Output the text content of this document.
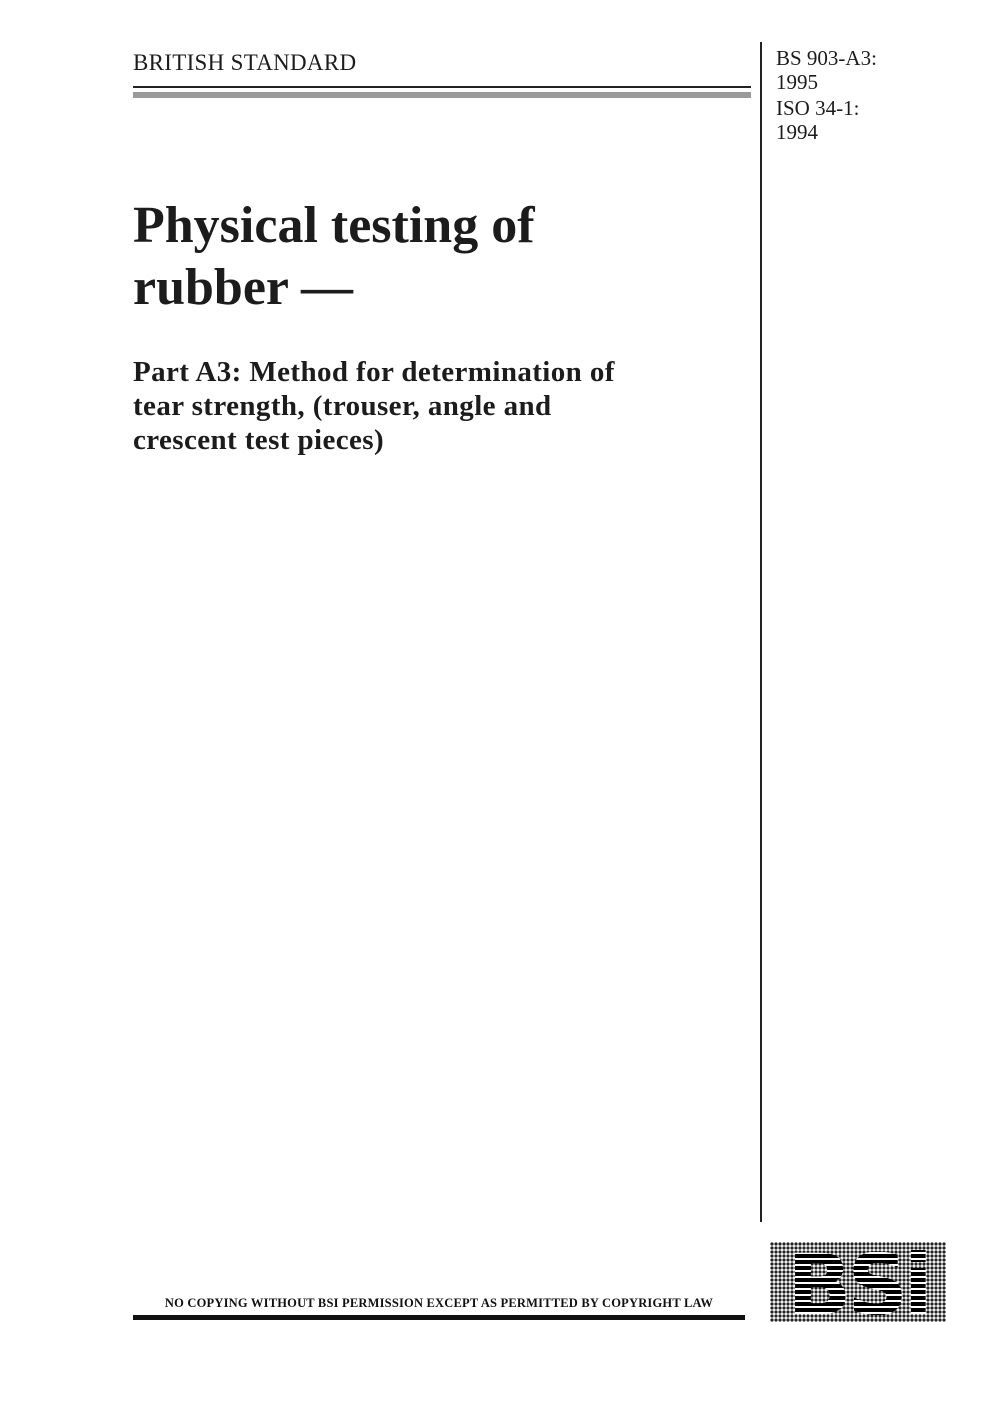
BRITISH STANDARD	BS 903-A3:
1995
ISO 34-1:
1994
Physical testing of
rubber —
Part A3: Method for determination of
tear strength, (trouser, angle and
crescent test pieces)
NO COPYING WITHOUT BSI PERMISSION EXCEPT AS PERMITTED BY COPYRIGHT LAW BSi
